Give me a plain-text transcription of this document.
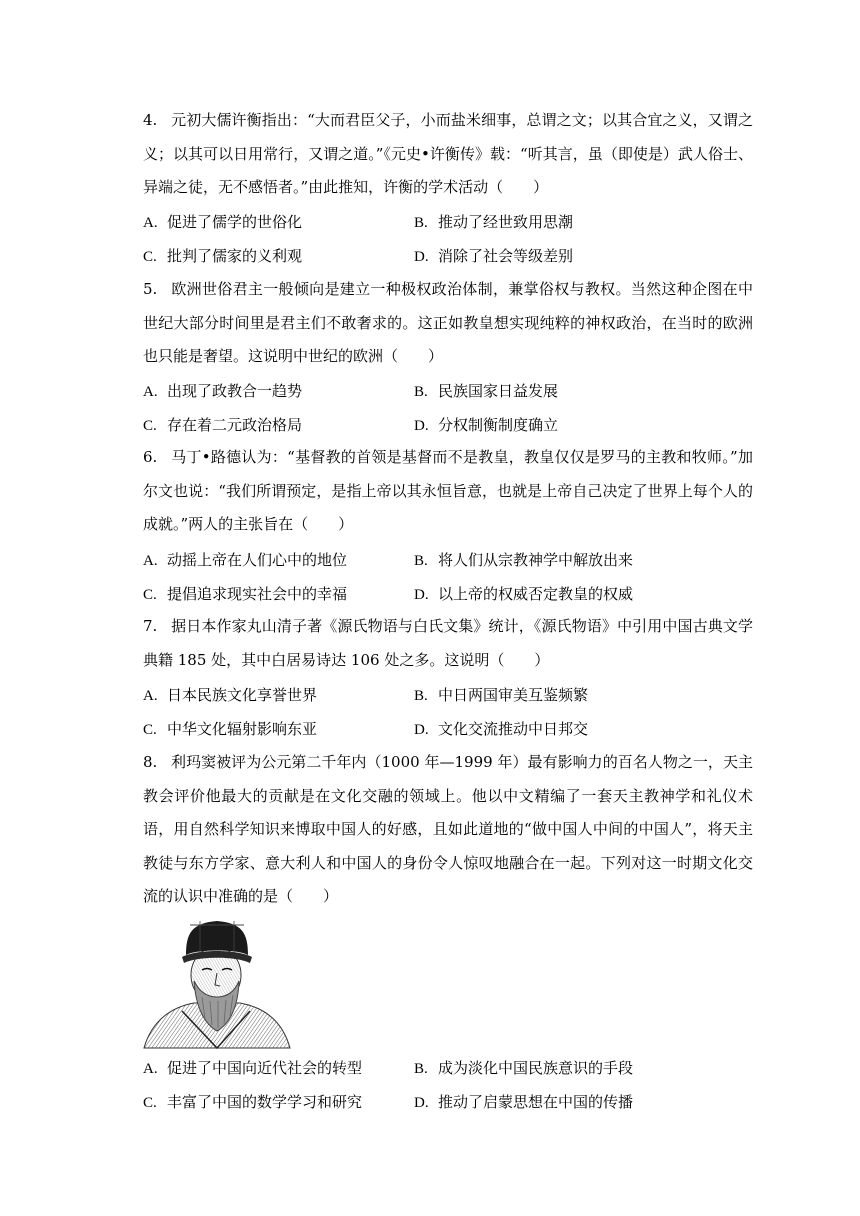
4. 元初大儒许衡指出：“大而君臣父子，小而盐米细事，总谓之文；以其合宜之义，又谓之义；以其可以日用常行，又谓之道。”《元史•许衡传》载：“听其言，虽（即使是）武人俗士、异端之徒，无不感悟者。”由此推知，许衡的学术活动（　　）
A. 促进了儒学的世俗化	B. 推动了经世致用思潮
C. 批判了儒家的义利观	D. 消除了社会等级差别
5. 欧洲世俗君主一般倾向是建立一种极权政治体制，兼掌俗权与教权。当然这种企图在中世纪大部分时间里是君主们不敢奢求的。这正如教皇想实现纯粹的神权政治，在当时的欧洲也只能是奢望。这说明中世纪的欧洲（　　）
A. 出现了政教合一趋势	B. 民族国家日益发展
C. 存在着二元政治格局	D. 分权制衡制度确立
6. 马丁•路德认为：“基督教的首领是基督而不是教皇，教皇仅仅是罗马的主教和牧师。”加尔文也说：“我们所谓预定，是指上帝以其永恒旨意，也就是上帝自己决定了世界上每个人的成就。”两人的主张旨在（　　）
A. 动摇上帝在人们心中的地位	B. 将人们从宗教神学中解放出来
C. 提倡追求现实社会中的幸福	D. 以上帝的权威否定教皇的权威
7. 据日本作家丸山清子著《源氏物语与白氏文集》统计，《源氏物语》中引用中国古典文学典籍 185 处，其中白居易诗达 106 处之多。这说明（　　）
A. 日本民族文化享誉世界	B. 中日两国审美互鉴频繁
C. 中华文化辐射影响东亚	D. 文化交流推动中日邦交
8. 利玛窦被评为公元第二千年内（1000 年—1999 年）最有影响力的百名人物之一，天主教会评价他最大的贡献是在文化交融的领域上。他以中文精编了一套天主教神学和礼仪术语，用自然科学知识来博取中国人的好感，且如此道地的“做中国人中间的中国人”，将天主教徒与东方学家、意大利人和中国人的身份令人惊叹地融合在一起。下列对这一时期文化交流的认识中准确的是（　　）
A. 促进了中国向近代社会的转型	B. 成为淡化中国民族意识的手段
C. 丰富了中国的数学学习和研究	D. 推动了启蒙思想在中国的传播
